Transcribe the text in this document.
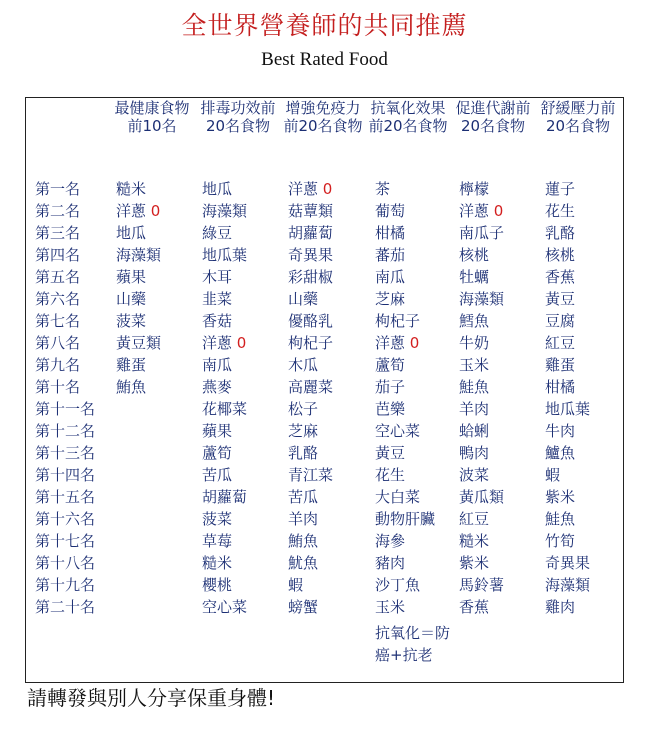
全世界營養師的共同推薦
Best Rated Food
最健康食物前10名
排毒功效前20名食物
增強免疫力前20名食物
抗氧化效果前20名食物
促進代謝前20名食物
舒緩壓力前20名食物
第一名
第二名
第三名
第四名
第五名
第六名
第七名
第八名
第九名
第十名
第十一名
第十二名
第十三名
第十四名
第十五名
第十六名
第十七名
第十八名
第十九名
第二十名
糙米
洋蔥 0
地瓜
海藻類
蘋果
山藥
菠菜
黃豆類
雞蛋
鮪魚
地瓜
海藻類
綠豆
地瓜葉
木耳
韭菜
香菇
洋蔥 0
南瓜
燕麥
花椰菜
蘋果
蘆筍
苦瓜
胡蘿蔔
菠菜
草莓
糙米
櫻桃
空心菜
洋蔥 0
菇蕈類
胡蘿蔔
奇異果
彩甜椒
山藥
優酪乳
枸杞子
木瓜
高麗菜
松子
芝麻
乳酪
青江菜
苦瓜
羊肉
鮪魚
魷魚
蝦
螃蟹
茶
葡萄
柑橘
蕃茄
南瓜
芝麻
枸杞子
洋蔥 0
蘆筍
茄子
芭樂
空心菜
黃豆
花生
大白菜
動物肝臟
海參
豬肉
沙丁魚
玉米
檸檬
洋蔥 0
南瓜子
核桃
牡蠣
海藻類
鱈魚
牛奶
玉米
鮭魚
羊肉
蛤蜊
鴨肉
波菜
黃瓜類
紅豆
糙米
紫米
馬鈴薯
香蕉
蓮子
花生
乳酪
核桃
香蕉
黃豆
豆腐
紅豆
雞蛋
柑橘
地瓜葉
牛肉
鱸魚
蝦
紫米
鮭魚
竹筍
奇異果
海藻類
雞肉
抗氧化＝防癌+抗老
請轉發與別人分享保重身體!
